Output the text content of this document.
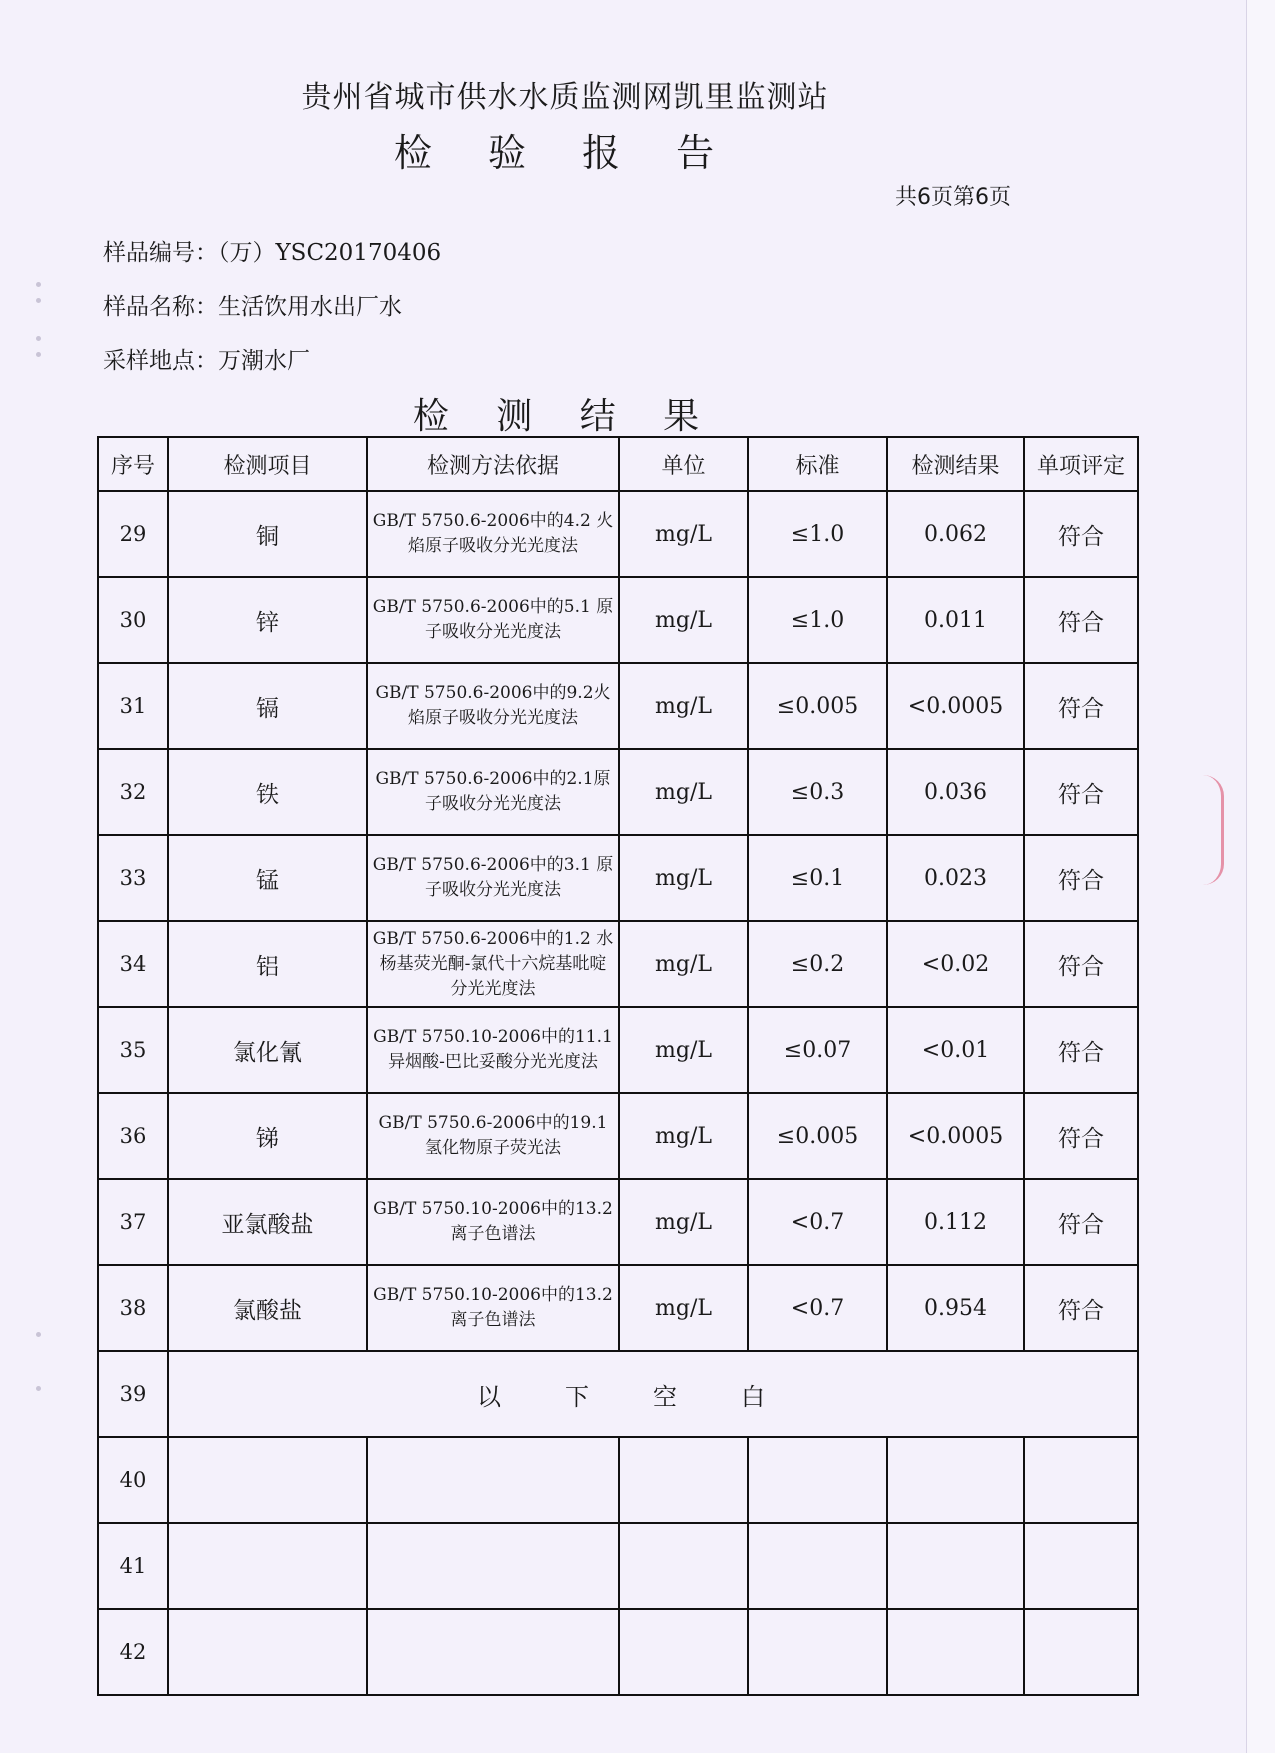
贵州省城市供水水质监测网凯里监测站
检 验 报 告
共6页第6页
样品编号：（万）YSC20170406
样品名称：生活饮用水出厂水
采样地点：万潮水厂
检 测 结 果
序号	检测项目	检测方法依据	单位	标准	检测结果	单项评定
29	铜	GB/T 5750.6-2006中的4.2 火焰原子吸收分光光度法	mg/L	≤1.0	0.062	符合
30	锌	GB/T 5750.6-2006中的5.1 原子吸收分光光度法	mg/L	≤1.0	0.011	符合
31	镉	GB/T 5750.6-2006中的9.2火焰原子吸收分光光度法	mg/L	≤0.005	<0.0005	符合
32	铁	GB/T 5750.6-2006中的2.1原子吸收分光光度法	mg/L	≤0.3	0.036	符合
33	锰	GB/T 5750.6-2006中的3.1 原子吸收分光光度法	mg/L	≤0.1	0.023	符合
34	铝	GB/T 5750.6-2006中的1.2 水杨基荧光酮-氯代十六烷基吡啶分光光度法	mg/L	≤0.2	<0.02	符合
35	氯化氰	GB/T 5750.10-2006中的11.1 异烟酸-巴比妥酸分光光度法	mg/L	≤0.07	<0.01	符合
36	锑	GB/T 5750.6-2006中的19.1 氢化物原子荧光法	mg/L	≤0.005	<0.0005	符合
37	亚氯酸盐	GB/T 5750.10-2006中的13.2 离子色谱法	mg/L	<0.7	0.112	符合
38	氯酸盐	GB/T 5750.10-2006中的13.2 离子色谱法	mg/L	<0.7	0.954	符合
39	以下空白					
40						
41						
42						
